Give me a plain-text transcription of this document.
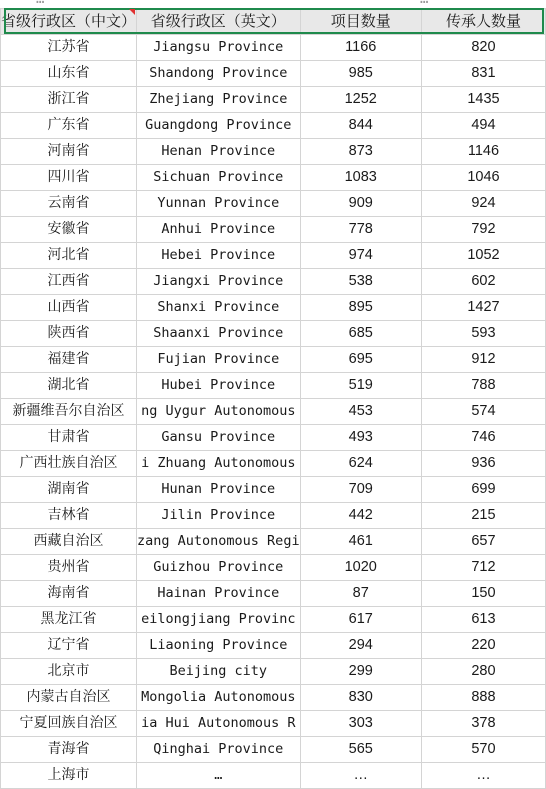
省级行政区（中文）	省级行政区（英文）	项目数量	传承人数量
江苏省	Jiangsu Province	1166	820
山东省	Shandong Province	985	831
浙江省	Zhejiang Province	1252	1435
广东省	Guangdong Province	844	494
河南省	Henan Province	873	1146
四川省	Sichuan Province	1083	1046
云南省	Yunnan Province	909	924
安徽省	Anhui Province	778	792
河北省	Hebei Province	974	1052
江西省	Jiangxi Province	538	602
山西省	Shanxi Province	895	1427
陕西省	Shaanxi Province	685	593
福建省	Fujian Province	695	912
湖北省	Hubei Province	519	788
新疆维吾尔自治区	ng Uygur Autonomous	453	574
甘肃省	Gansu Province	493	746
广西壮族自治区	i Zhuang Autonomous	624	936
湖南省	Hunan Province	709	699
吉林省	Jilin Province	442	215
西藏自治区	zang Autonomous Regi	461	657
贵州省	Guizhou Province	1020	712
海南省	Hainan Province	87	150
黑龙江省	eilongjiang Provinc	617	613
辽宁省	Liaoning Province	294	220
北京市	Beijing city	299	280
内蒙古自治区	Mongolia Autonomous	830	888
宁夏回族自治区	ia Hui Autonomous R	303	378
青海省	Qinghai Province	565	570
上海市	…	…	…
